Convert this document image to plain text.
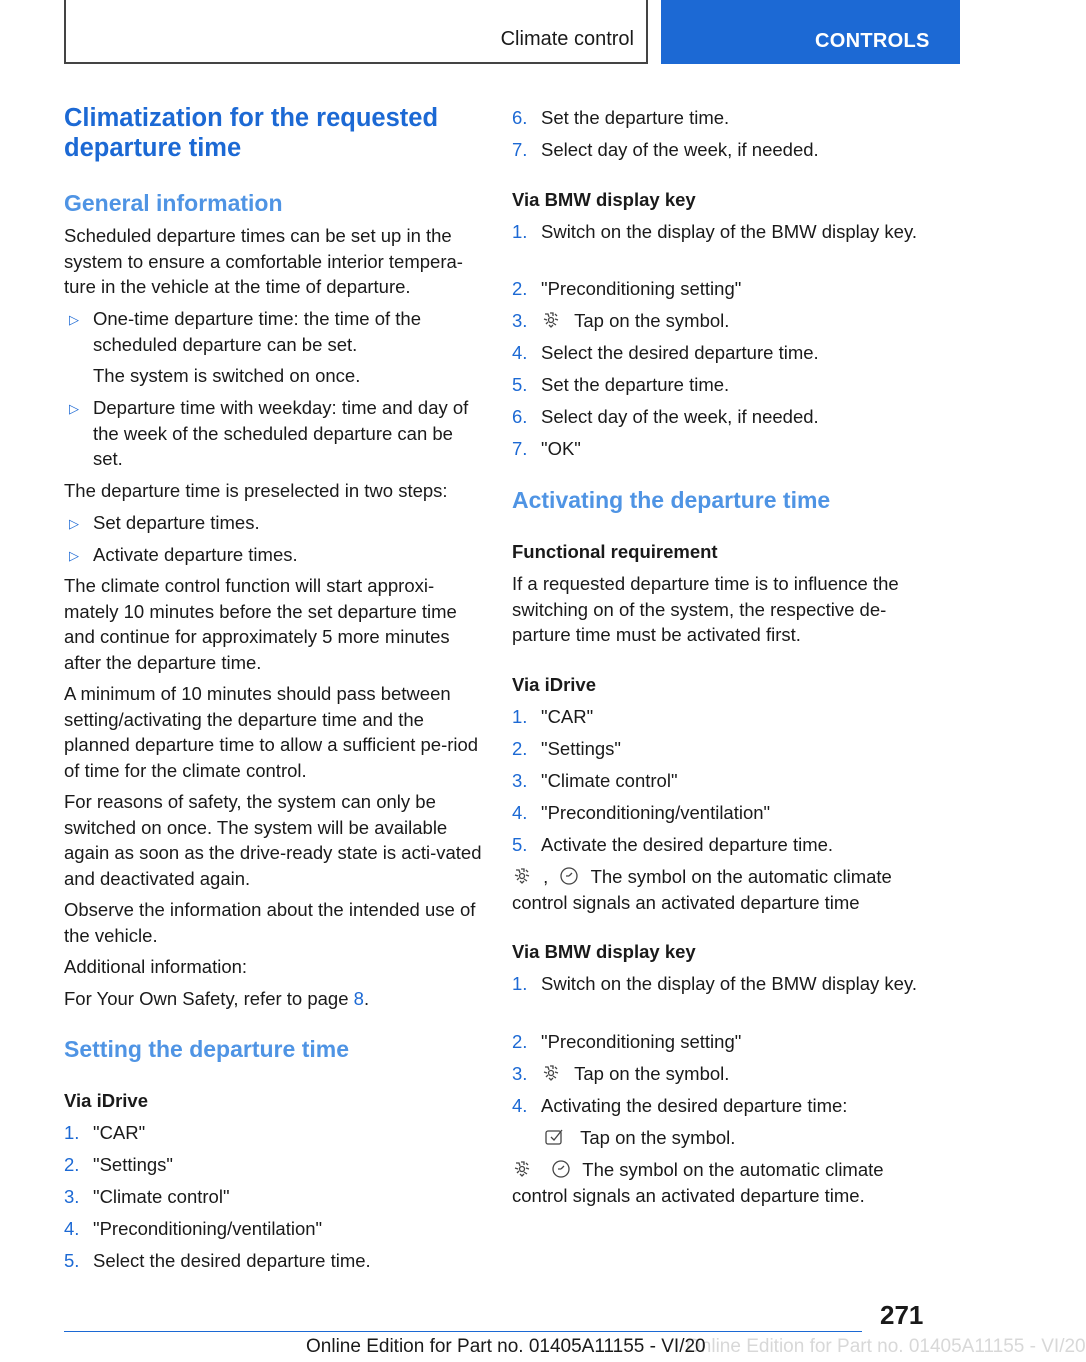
Climate control	CONTROLS
Climatization for the requested departure time
General information

Scheduled departure times can be set up in the system to ensure a comfortable interior tempera-ture in the vehicle at the time of departure.

▷ One-time departure time: the time of the scheduled departure can be set.
The system is switched on once.
▷ Departure time with weekday: time and day of the week of the scheduled departure can be set.

The departure time is preselected in two steps:

▷ Set departure times.
▷ Activate departure times.

The climate control function will start approxi-mately 10 minutes before the set departure time and continue for approximately 5 more minutes after the departure time.

A minimum of 10 minutes should pass between setting/activating the departure time and the planned departure time to allow a sufficient pe-riod of time for the climate control.

For reasons of safety, the system can only be switched on once. The system will be available again as soon as the drive-ready state is acti-vated and deactivated again.

Observe the information about the intended use of the vehicle.

Additional information:

For Your Own Safety, refer to page 8.

Setting the departure time
Via iDrive
1. "CAR"
2. "Settings"
3. "Climate control"
4. "Preconditioning/ventilation"
5. Select the desired departure time.
6. Set the departure time.
7. Select day of the week, if needed.
Via BMW display key
1. Switch on the display of the BMW display key.
2. "Preconditioning setting"
3.	Tap on the symbol.
4. Select the desired departure time.
5. Set the departure time.
6. Select day of the week, if needed.
7. "OK"
Activating the departure time
Functional requirement

If a requested departure time is to influence the switching on of the system, the respective de-parture time must be activated first.

Via iDrive
1. "CAR"
2. "Settings"
3. "Climate control"
4. "Preconditioning/ventilation"
5. Activate the desired departure time.

, The symbol on the automatic climate control signals an activated departure time

Via BMW display key
1. Switch on the display of the BMW display key.
2. "Preconditioning setting"
3.	Tap on the symbol.
4. Activating the desired departure time:

Tap on the symbol.

The symbol on the automatic climate control signals an activated departure time.

271
Online Edition for Part no. 01405A11155 - VI/20
Online Edition for Part no. 01405A11155 - VI/20
